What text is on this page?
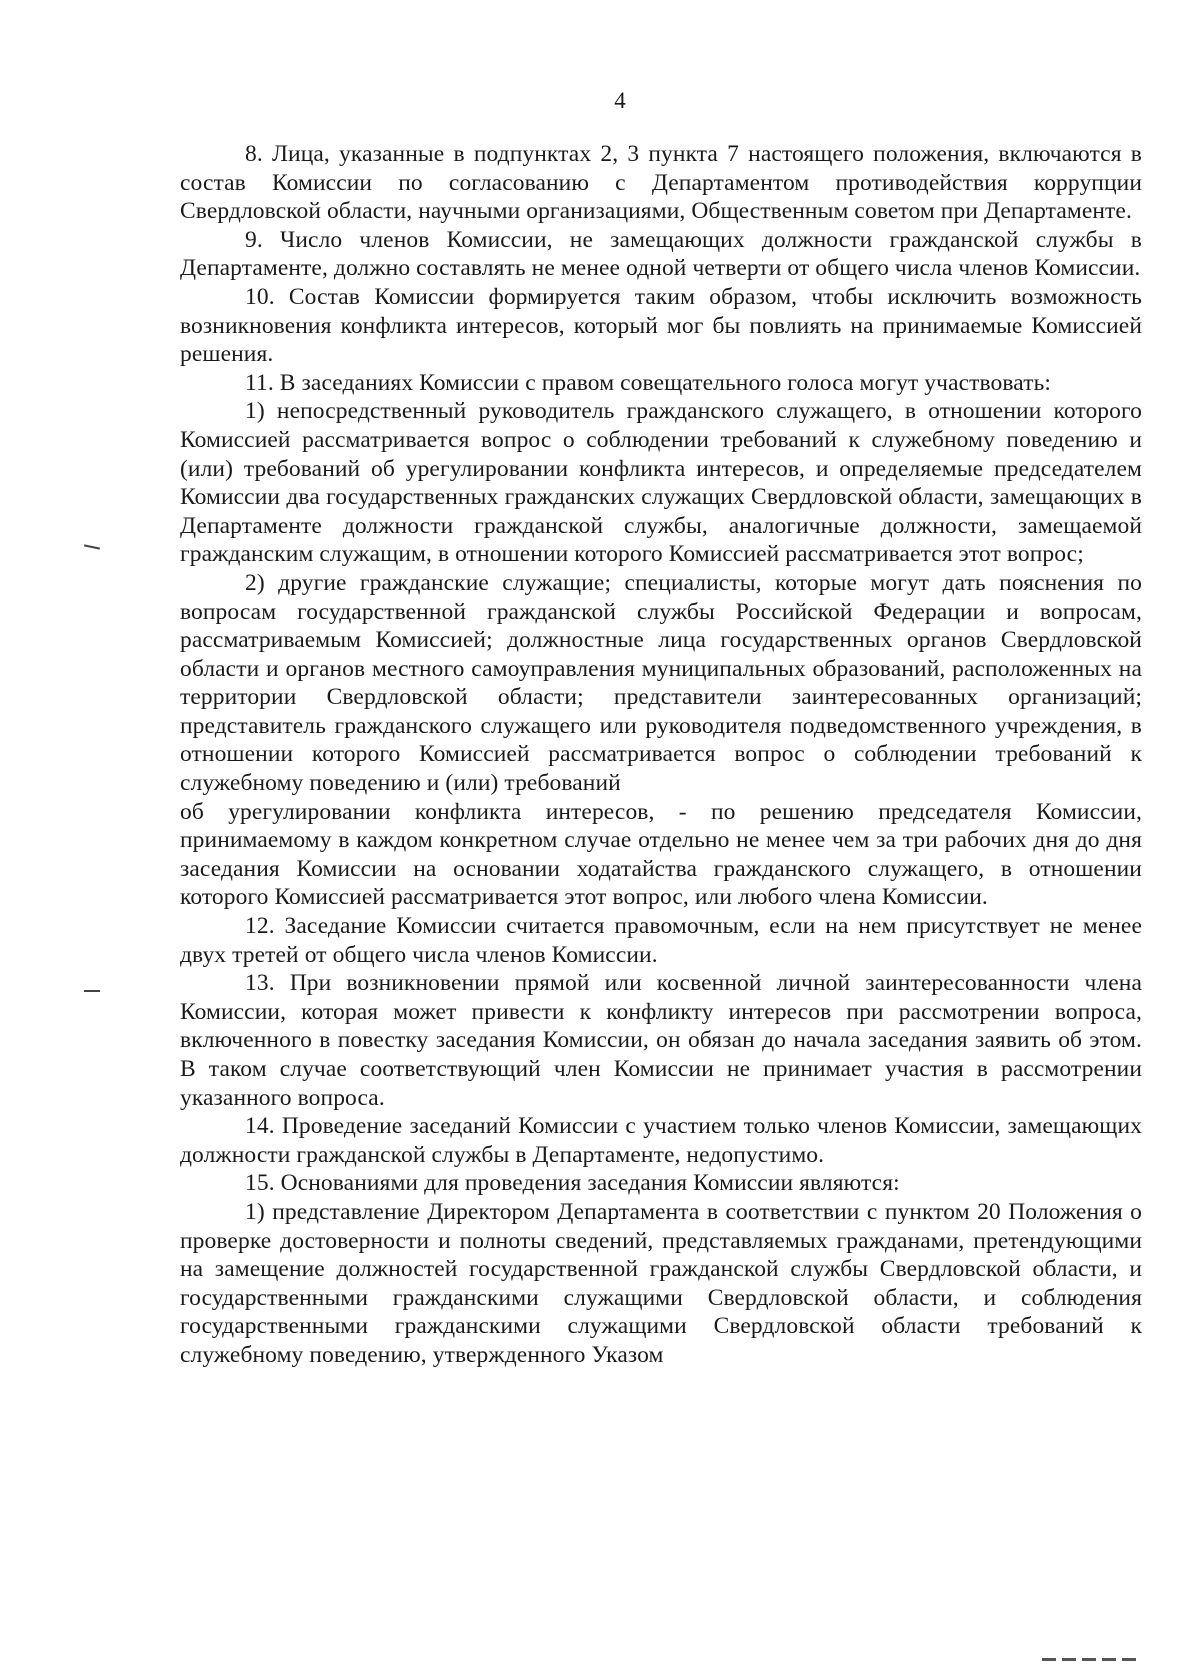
4

8. Лица, указанные в подпунктах 2, 3 пункта 7 настоящего положения, включаются в состав Комиссии по согласованию с Департаментом противодействия коррупции Свердловской области, научными организациями, Общественным советом при Департаменте.

9. Число членов Комиссии, не замещающих должности гражданской службы в Департаменте, должно составлять не менее одной четверти от общего числа членов Комиссии.

10. Состав Комиссии формируется таким образом, чтобы исключить возможность возникновения конфликта интересов, который мог бы повлиять на принимаемые Комиссией решения.

11. В заседаниях Комиссии с правом совещательного голоса могут участвовать:

1) непосредственный руководитель гражданского служащего, в отношении которого Комиссией рассматривается вопрос о соблюдении требований к служебному поведению и (или) требований об урегулировании конфликта интересов, и определяемые председателем Комиссии два государственных гражданских служащих Свердловской области, замещающих в Департаменте должности гражданской службы, аналогичные должности, замещаемой гражданским служащим, в отношении которого Комиссией рассматривается этот вопрос;

2) другие гражданские служащие; специалисты, которые могут дать пояснения по вопросам государственной гражданской службы Российской Федерации и вопросам, рассматриваемым Комиссией; должностные лица государственных органов Свердловской области и органов местного самоуправления муниципальных образований, расположенных на территории Свердловской области; представители заинтересованных организаций; представитель гражданского служащего или руководителя подведомственного учреждения, в отношении которого Комиссией рассматривается вопрос о соблюдении требований к служебному поведению и (или) требований

об урегулировании конфликта интересов, - по решению председателя Комиссии, принимаемому в каждом конкретном случае отдельно не менее чем за три рабочих дня до дня заседания Комиссии на основании ходатайства гражданского служащего, в отношении которого Комиссией рассматривается этот вопрос, или любого члена Комиссии.

12. Заседание Комиссии считается правомочным, если на нем присутствует не менее двух третей от общего числа членов Комиссии.

13. При возникновении прямой или косвенной личной заинтересованности члена Комиссии, которая может привести к конфликту интересов при рассмотрении вопроса, включенного в повестку заседания Комиссии, он обязан до начала заседания заявить об этом. В таком случае соответствующий член Комиссии не принимает участия в рассмотрении указанного вопроса.

14. Проведение заседаний Комиссии с участием только членов Комиссии, замещающих должности гражданской службы в Департаменте, недопустимо.

15. Основаниями для проведения заседания Комиссии являются:

1) представление Директором Департамента в соответствии с пунктом 20 Положения о проверке достоверности и полноты сведений, представляемых гражданами, претендующими на замещение должностей государственной гражданской службы Свердловской области, и государственными гражданскими служащими Свердловской области, и соблюдения государственными гражданскими служащими Свердловской области требований к служебному поведению, утвержденного Указом
